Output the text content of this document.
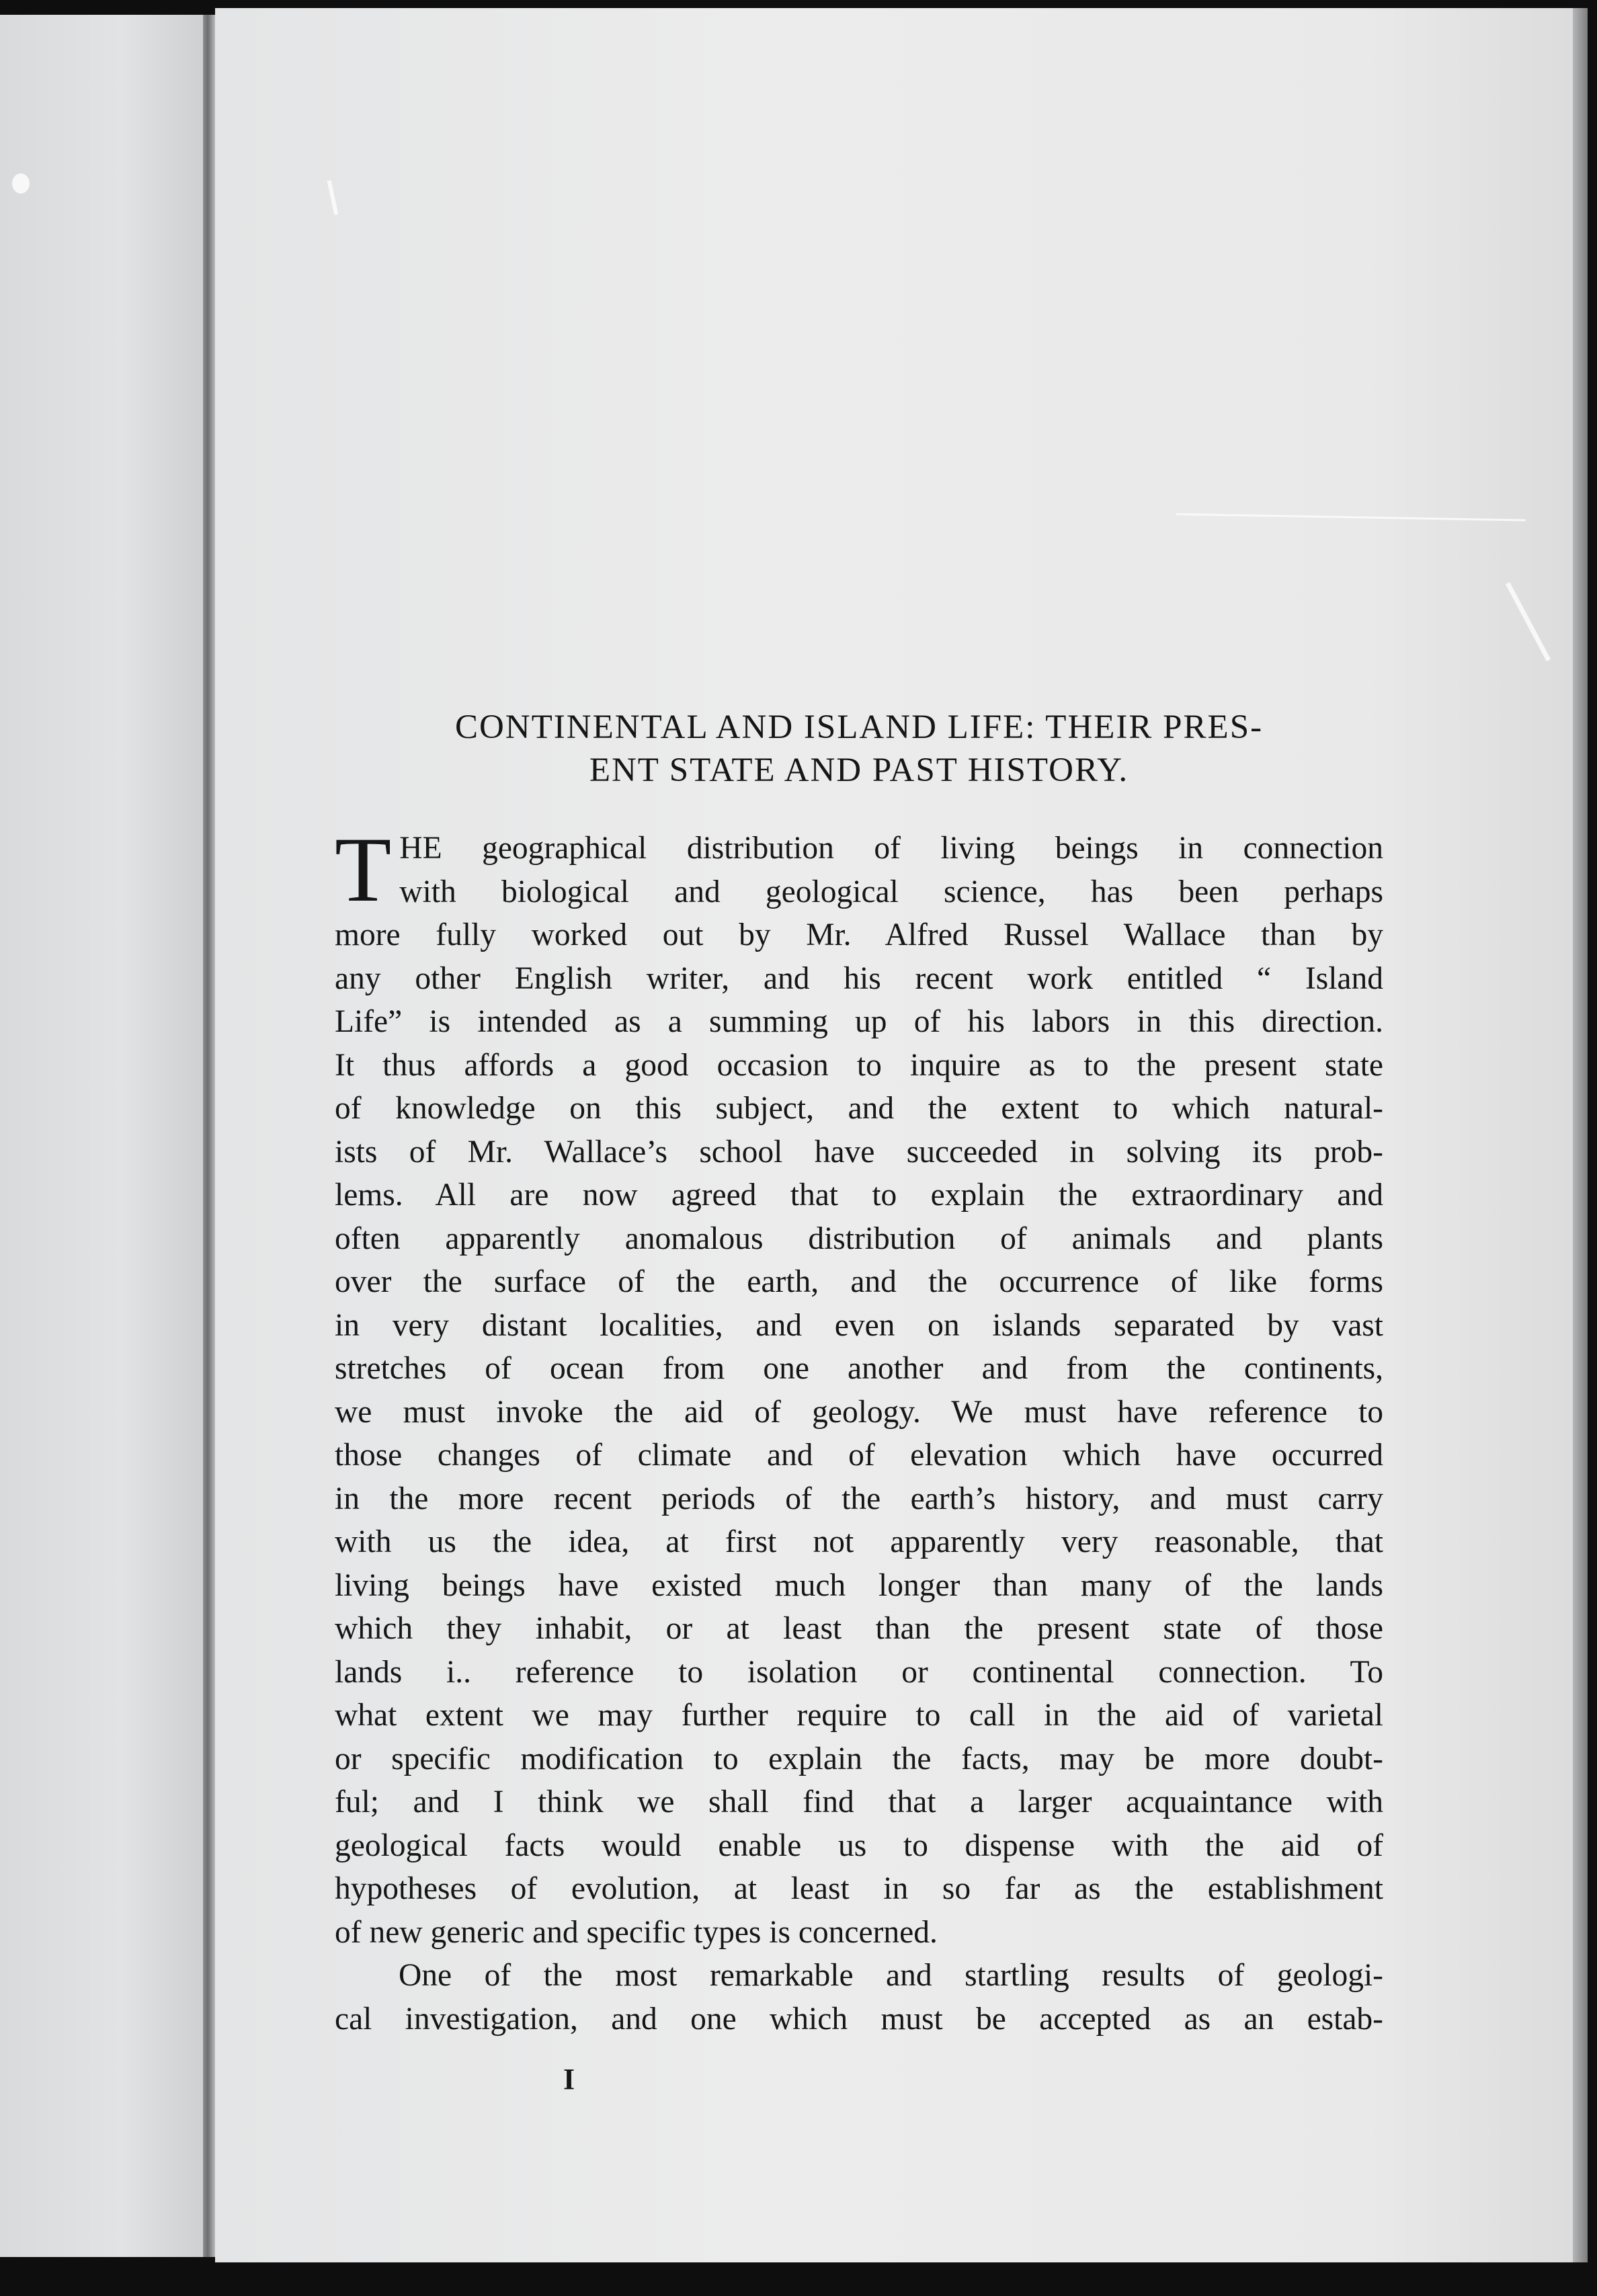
CONTINENTAL AND ISLAND LIFE: THEIR PRES-
ENT STATE AND PAST HISTORY.
T HE geographical distribution of living beings in connection
with biological and geological science, has been perhaps
more fully worked out by Mr. Alfred Russel Wallace than by
any other English writer, and his recent work entitled “ Island
Life” is intended as a summing up of his labors in this direction.
It thus affords a good occasion to inquire as to the present state
of knowledge on this subject, and the extent to which natural-
ists of Mr. Wallace’s school have succeeded in solving its prob-
lems. All are now agreed that to explain the extraordinary and
often apparently anomalous distribution of animals and plants
over the surface of the earth, and the occurrence of like forms
in very distant localities, and even on islands separated by vast
stretches of ocean from one another and from the continents,
we must invoke the aid of geology. We must have reference to
those changes of climate and of elevation which have occurred
in the more recent periods of the earth’s history, and must carry
with us the idea, at first not apparently very reasonable, that
living beings have existed much longer than many of the lands
which they inhabit, or at least than the present state of those
lands i.. reference to isolation or continental connection. To
what extent we may further require to call in the aid of varietal
or specific modification to explain the facts, may be more doubt-
ful; and I think we shall find that a larger acquaintance with
geological facts would enable us to dispense with the aid of
hypotheses of evolution, at least in so far as the establishment
of new generic and specific types is concerned.
One of the most remarkable and startling results of geologi-
cal investigation, and one which must be accepted as an estab-
I
